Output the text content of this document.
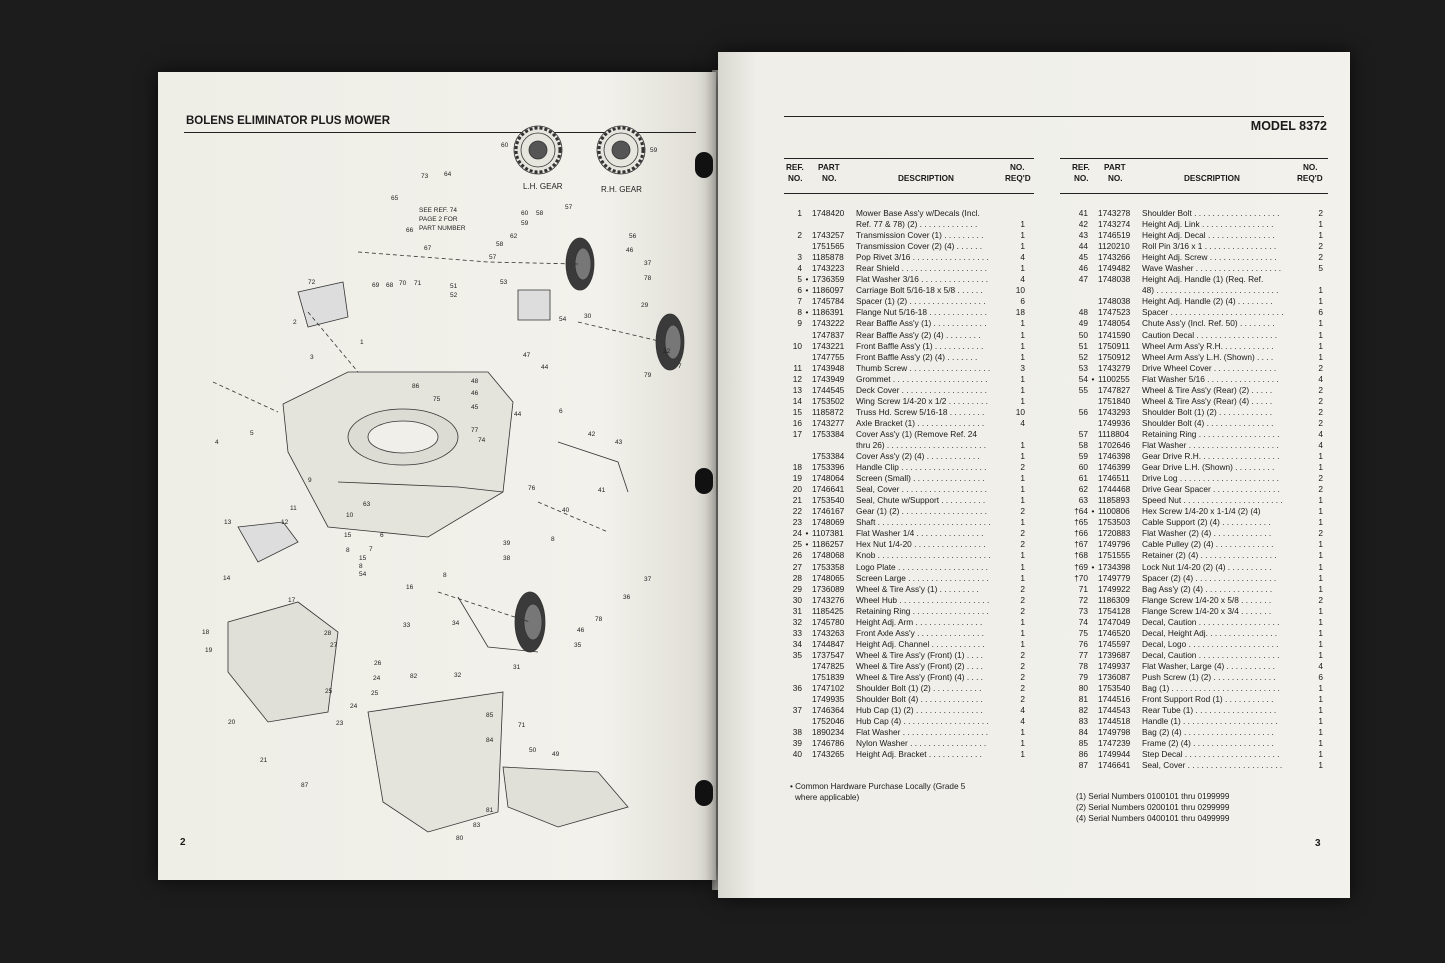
BOLENS ELIMINATOR PLUS MOWER
60
59
73 64
65
60
59
58
57
62
58
57
66
67
72	69 68 70 71
2
3
1
51
52
53
56
37
46
78
54	30
29
22
7
79
47
48
44
46
45
44
86
75
4
5
6
77
74
42
43
9
76	41
63
10
11
12
13
40
15
8	7
6
15
8
54
39
38
8
14
16
8
37
36
17
18	28
27
19
26
33	34
78
46
35
31
32
24
25
25
24
20	23
82
85
84
71
50
49
21
87
81
83
80
L.H. GEAR	R.H. GEAR
SEE REF. 74
PAGE 2 FOR
PART NUMBER
2
MODEL 8372
REF.
NO.
PART
NO.	DESCRIPTION
NO.
REQ'D
1 1748420 Mower Base Ass'y w/Decals (Incl.
Ref. 77 & 78) (2) . . . . . . . . . . . . .	1
2 1743257 Transmission Cover (1) . . . . . . . . .	1
1751565 Transmission Cover (2) (4) . . . . . .	1
3 1185878 Pop Rivet 3/16 . . . . . . . . . . . . . . . . .	4
4 1743223 Rear Shield . . . . . . . . . . . . . . . . . . .	1
5 • 1736359 Flat Washer 3/16 . . . . . . . . . . . . . . .	4
6 • 1186097 Carriage Bolt 5/16-18 x 5/8 . . . . . .	10
7 1745784 Spacer (1) (2) . . . . . . . . . . . . . . . . .	6
8 • 1186391 Flange Nut 5/16-18 . . . . . . . . . . . . .	18
9 1743222 Rear Baffle Ass'y (1) . . . . . . . . . . . .	1
1747837 Rear Baffle Ass'y (2) (4) . . . . . . . .	1
10 1743221 Front Baffle Ass'y (1) . . . . . . . . . . .	1
1747755 Front Baffle Ass'y (2) (4) . . . . . . .	1
11 1743948 Thumb Screw . . . . . . . . . . . . . . . . . .	3
12 1743949 Grommet . . . . . . . . . . . . . . . . . . . . .	1
13 1744545 Deck Cover . . . . . . . . . . . . . . . . . . .	1
14 1753502 Wing Screw 1/4-20 x 1/2 . . . . . . . . .	1
15 1185872 Truss Hd. Screw 5/16-18 . . . . . . . .	10
16 1743277 Axle Bracket (1) . . . . . . . . . . . . . . .	4
17 1753384 Cover Ass'y (1) (Remove Ref. 24
thru 26) . . . . . . . . . . . . . . . . . . . . . .	1
1753384 Cover Ass'y (2) (4) . . . . . . . . . . . .	1
18 1753396 Handle Clip . . . . . . . . . . . . . . . . . . .	2
19 1748064 Screen (Small) . . . . . . . . . . . . . . . .	1
20 1746641 Seal, Cover . . . . . . . . . . . . . . . . . . .	1
21 1753540 Seal, Chute w/Support . . . . . . . . . .	1
22 1746167 Gear (1) (2) . . . . . . . . . . . . . . . . . . .	2
23 1748069 Shaft . . . . . . . . . . . . . . . . . . . . . . . . .	1
24 • 1107381 Flat Washer 1/4 . . . . . . . . . . . . . . .	2
25 • 1186257 Hex Nut 1/4-20 . . . . . . . . . . . . . . . .	2
26 1748068 Knob . . . . . . . . . . . . . . . . . . . . . . . . .	1
27 1753358 Logo Plate . . . . . . . . . . . . . . . . . . . .	1
28 1748065 Screen Large . . . . . . . . . . . . . . . . . .	1
29 1736089 Wheel & Tire Ass'y (1) . . . . . . . . .	2
30 1743276 Wheel Hub . . . . . . . . . . . . . . . . . . . .	2
31 1185425 Retaining Ring . . . . . . . . . . . . . . . . .	2
32 1745780 Height Adj. Arm . . . . . . . . . . . . . . .	1
33 1743263 Front Axle Ass'y . . . . . . . . . . . . . . .	1
34 1744847 Height Adj. Channel . . . . . . . . . . . .	1
35 1737547 Wheel & Tire Ass'y (Front) (1) . . . .	2
1747825 Wheel & Tire Ass'y (Front) (2) . . . .	2
1751839 Wheel & Tire Ass'y (Front) (4) . . . .	2
36 1747102 Shoulder Bolt (1) (2) . . . . . . . . . . .	2
1749935 Shoulder Bolt (4) . . . . . . . . . . . . . .	2
37 1746364 Hub Cap (1) (2) . . . . . . . . . . . . . . .	4
1752046 Hub Cap (4) . . . . . . . . . . . . . . . . . . .	4
38 1890234 Flat Washer . . . . . . . . . . . . . . . . . . .	1
39 1746786 Nylon Washer . . . . . . . . . . . . . . . . .	1
40 1743265 Height Adj. Bracket . . . . . . . . . . . .	1
REF.
NO.
PART
NO.	DESCRIPTION
NO.
REQ'D
41 1743278 Shoulder Bolt . . . . . . . . . . . . . . . . . . .	2
42 1743274 Height Adj. Link . . . . . . . . . . . . . . . .	1
43 1746519 Height Adj. Decal . . . . . . . . . . . . . . .	1
44 1120210 Roll Pin 3/16 x 1 . . . . . . . . . . . . . . . .	2
45 1743266 Height Adj. Screw . . . . . . . . . . . . . . .	2
46 1749482 Wave Washer . . . . . . . . . . . . . . . . . . .	5
47 1748038 Height Adj. Handle (1) (Req. Ref.
48) . . . . . . . . . . . . . . . . . . . . . . . . . . .	1
1748038 Height Adj. Handle (2) (4) . . . . . . . .	1
48 1747523 Spacer . . . . . . . . . . . . . . . . . . . . . . . . .	6
49 1748054 Chute Ass'y (Incl. Ref. 50) . . . . . . . .	1
50 1741590 Caution Decal . . . . . . . . . . . . . . . . . .	1
51 1750911 Wheel Arm Ass'y R.H. . . . . . . . . . . .	1
52 1750912 Wheel Arm Ass'y L.H. (Shown) . . . .	1
53 1743279 Drive Wheel Cover . . . . . . . . . . . . . .	2
54 • 1100255 Flat Washer 5/16 . . . . . . . . . . . . . . . .	4
55 1747827 Wheel & Tire Ass'y (Rear) (2) . . . . .	2
1751840 Wheel & Tire Ass'y (Rear) (4) . . . . .	2
56 1743293 Shoulder Bolt (1) (2) . . . . . . . . . . . .	2
1749936 Shoulder Bolt (4) . . . . . . . . . . . . . . .	2
57 1118804 Retaining Ring . . . . . . . . . . . . . . . . . .	4
58 1702646 Flat Washer . . . . . . . . . . . . . . . . . . . .	4
59 1746398 Gear Drive R.H. . . . . . . . . . . . . . . . . .	1
60 1746399 Gear Drive L.H. (Shown) . . . . . . . . .	1
61 1746511 Drive Log . . . . . . . . . . . . . . . . . . . . . .	2
62 1744468 Drive Gear Spacer . . . . . . . . . . . . . . .	2
63 1185893 Speed Nut . . . . . . . . . . . . . . . . . . . . . .	1
†64 • 1100806 Hex Screw 1/4-20 x 1-1/4 (2) (4)	1
†65 1753503 Cable Support (2) (4) . . . . . . . . . . .	1
†66 1720883 Flat Washer (2) (4) . . . . . . . . . . . . .	2
†67 1749796 Cable Pulley (2) (4) . . . . . . . . . . . . .	1
†68 1751555 Retainer (2) (4) . . . . . . . . . . . . . . . . .	1
†69 • 1734398 Lock Nut 1/4-20 (2) (4) . . . . . . . . . .	1
†70 1749779 Spacer (2) (4) . . . . . . . . . . . . . . . . . .	1
71 1749922 Bag Ass'y (2) (4) . . . . . . . . . . . . . . .	1
72 1186309 Flange Screw 1/4-20 x 5/8 . . . . . . .	2
73 1754128 Flange Screw 1/4-20 x 3/4 . . . . . . .	1
74 1747049 Decal, Caution . . . . . . . . . . . . . . . . . .	1
75 1746520 Decal, Height Adj. . . . . . . . . . . . . . . .	1
76 1745597 Decal, Logo . . . . . . . . . . . . . . . . . . . .	1
77 1739687 Decal, Caution . . . . . . . . . . . . . . . . . .	1
78 1749937 Flat Washer, Large (4) . . . . . . . . . . .	4
79 1736087 Push Screw (1) (2) . . . . . . . . . . . . . .	6
80 1753540 Bag (1) . . . . . . . . . . . . . . . . . . . . . . . .	1
81 1744516 Front Support Rod (1) . . . . . . . . . . .	1
82 1744543 Rear Tube (1) . . . . . . . . . . . . . . . . . .	1
83 1744518 Handle (1) . . . . . . . . . . . . . . . . . . . . .	1
84 1749798 Bag (2) (4) . . . . . . . . . . . . . . . . . . . .	1
85 1747239 Frame (2) (4) . . . . . . . . . . . . . . . . . .	1
86 1749944 Step Decal . . . . . . . . . . . . . . . . . . . . .	1
87 1746641 Seal, Cover . . . . . . . . . . . . . . . . . . . . .	1
• Common Hardware Purchase Locally (Grade 5
where applicable)	(1) Serial Numbers 0100101 thru 0199999
(2) Serial Numbers 0200101 thru 0299999
(4) Serial Numbers 0400101 thru 0499999
3
